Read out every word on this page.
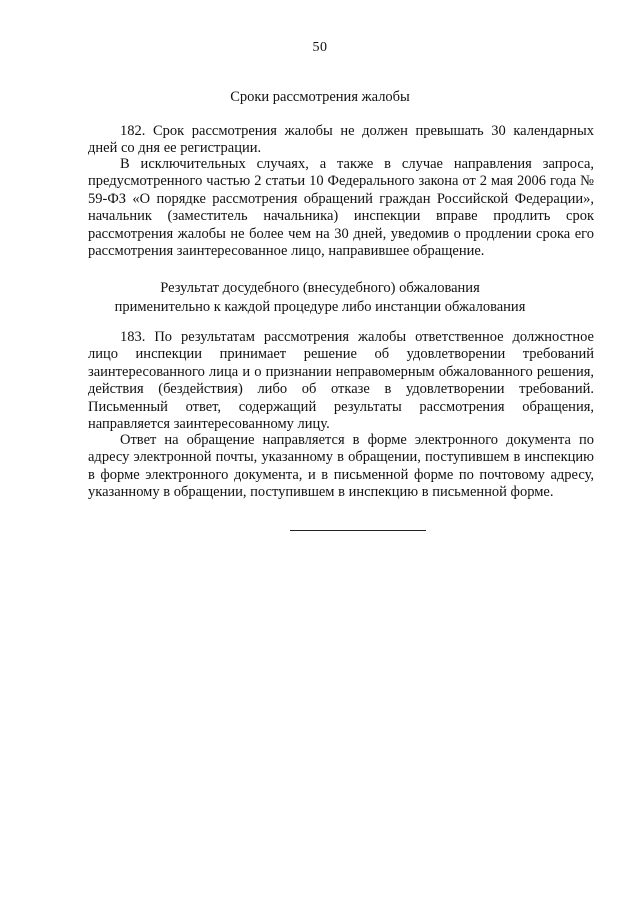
50
Сроки рассмотрения жалобы

182. Срок рассмотрения жалобы не должен превышать 30 календарных дней со дня ее регистрации.

В исключительных случаях, а также в случае направления запроса, предусмотренного частью 2 статьи 10 Федерального закона от 2 мая 2006 года № 59-ФЗ «О порядке рассмотрения обращений граждан Российской Федерации», начальник (заместитель начальника) инспекции вправе продлить срок рассмотрения жалобы не более чем на 30 дней, уведомив о продлении срока его рассмотрения заинтересованное лицо, направившее обращение.

Результат досудебного (внесудебного) обжалования
применительно к каждой процедуре либо инстанции обжалования

183. По результатам рассмотрения жалобы ответственное должностное лицо инспекции принимает решение об удовлетворении требований заинтересованного лица и о признании неправомерным обжалованного решения, действия (бездействия) либо об отказе в удовлетворении требований. Письменный ответ, содержащий результаты рассмотрения обращения, направляется заинтересованному лицу.

Ответ на обращение направляется в форме электронного документа по адресу электронной почты, указанному в обращении, поступившем в инспекцию в форме электронного документа, и в письменной форме по почтовому адресу, указанному в обращении, поступившем в инспекцию в письменной форме.
